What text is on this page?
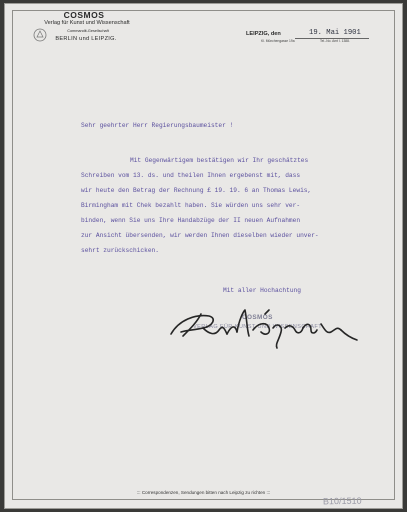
COSMOS
Verlag für Kunst und Wissenschaft
Commandit-Gesellschaft
BERLIN und LEIPZIG.
LEIPZIG, den
Kl. Münchengasse 19a
19. Mai 1901
Tel.-No. Amt I. 1388.
Sehr geehrter Herr Regierungsbaumeister !
Mit Gegenwärtigem bestätigen wir Ihr geschätztes
Schreiben vom 13. ds. und theilen Ihnen ergebenst mit, dass
wir heute den Betrag der Rechnung £ 19. 19. 6 an Thomas Lewis,
Birmingham mit Chek bezahlt haben. Sie würden uns sehr ver-
binden, wenn Sie uns Ihre Handabzüge der II neuen Aufnahmen
zur Ansicht übersenden, wir werden Ihnen dieselben wieder unver-
sehrt zurückschicken.
Mit aller Hochachtung
COSMOS
VERLAG FÜR KUNST UND WISSENSCHAFT
::: Correspondenzen, Sendungen bitten nach Leipzig zu richten :::
B10/1510
